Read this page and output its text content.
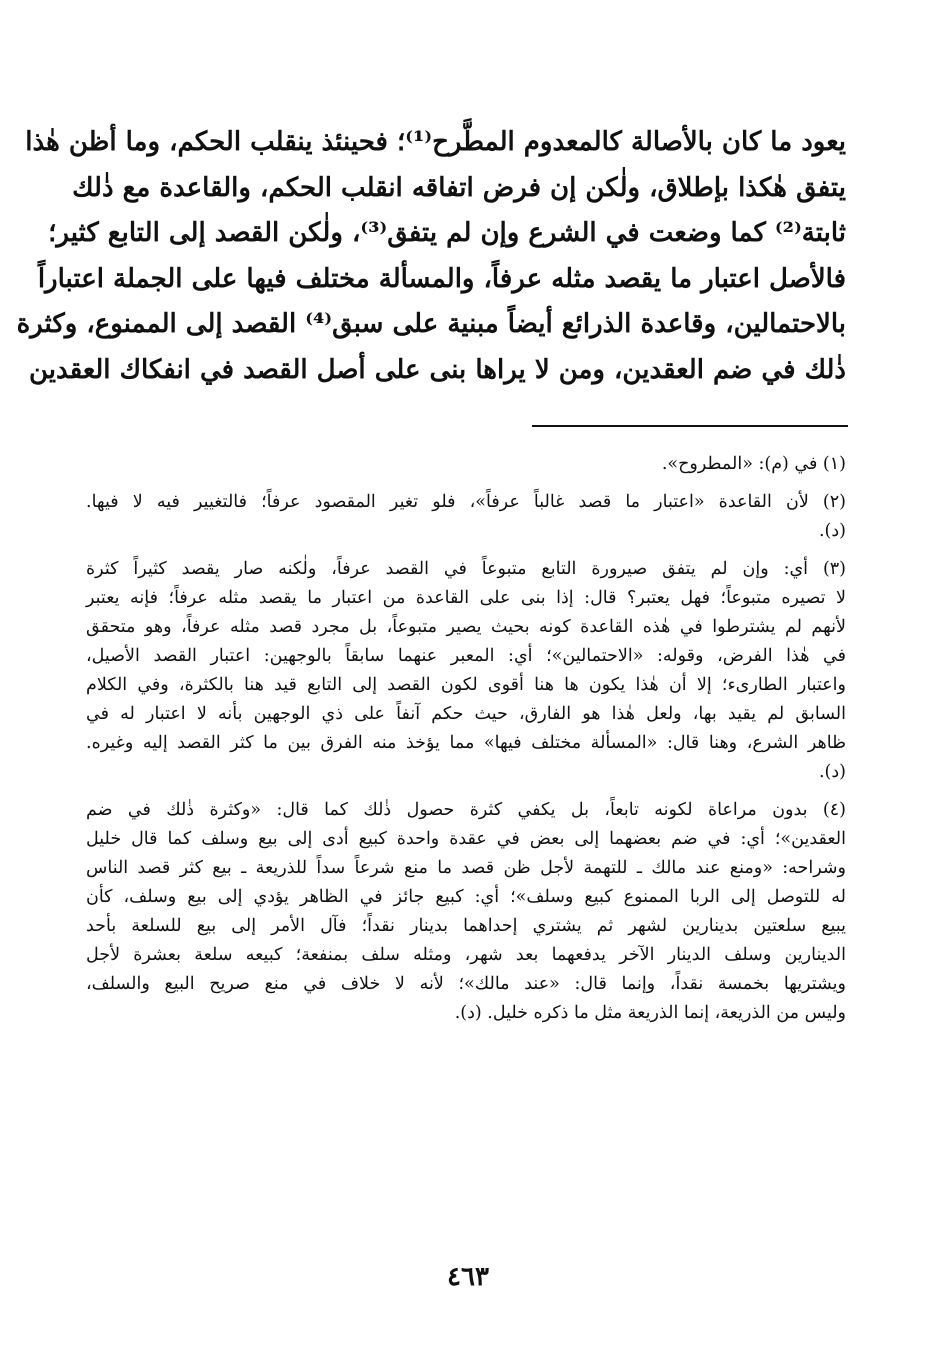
يعود ما كان بالأصالة كالمعدوم المطَّرح⁽¹⁾؛ فحينئذ ينقلب الحكم، وما أظن هٰذا
يتفق هٰكذا بإطلاق، ولٰكن إن فرض اتفاقه انقلب الحكم، والقاعدة مع ذٰلك
ثابتة⁽²⁾ كما وضعت في الشرع وإن لم يتفق⁽³⁾، ولٰكن القصد إلى التابع كثير؛
فالأصل اعتبار ما يقصد مثله عرفاً، والمسألة مختلف فيها على الجملة اعتباراً
بالاحتمالين، وقاعدة الذرائع أيضاً مبنية على سبق⁽⁴⁾ القصد إلى الممنوع، وكثرة
ذٰلك في ضم العقدين، ومن لا يراها بنى على أصل القصد في انفكاك العقدين
(١) في (م): «المطروح».
(٢) لأن القاعدة «اعتبار ما قصد غالباً عرفاً»، فلو تغير المقصود عرفاً؛ فالتغيير فيه لا فيها.
(د).
(٣) أي: وإن لم يتفق صيرورة التابع متبوعاً في القصد عرفاً، ولٰكنه صار يقصد كثيراً كثرة
لا تصيره متبوعاً؛ فهل يعتبر؟ قال: إذا بنى على القاعدة من اعتبار ما يقصد مثله عرفاً؛ فإنه يعتبر
لأنهم لم يشترطوا في هٰذه القاعدة كونه بحيث يصير متبوعاً، بل مجرد قصد مثله عرفاً، وهو متحقق
في هٰذا الفرض، وقوله: «الاحتمالين»؛ أي: المعبر عنهما سابقاً بالوجهين: اعتبار القصد الأصيل،
واعتبار الطارىء؛ إلا أن هٰذا يكون ها هنا أقوى لكون القصد إلى التابع قيد هنا بالكثرة، وفي الكلام
السابق لم يقيد بها، ولعل هٰذا هو الفارق، حيث حكم آنفاً على ذي الوجهين بأنه لا اعتبار له في
ظاهر الشرع، وهنا قال: «المسألة مختلف فيها» مما يؤخذ منه الفرق بين ما كثر القصد إليه وغيره.
(د).
(٤) بدون مراعاة لكونه تابعاً، بل يكفي كثرة حصول ذٰلك كما قال: «وكثرة ذٰلك في ضم
العقدين»؛ أي: في ضم بعضهما إلى بعض في عقدة واحدة كبيع أدى إلى بيع وسلف كما قال خليل
وشراحه: «ومنع عند مالك ـ للتهمة لأجل ظن قصد ما منع شرعاً سداً للذريعة ـ بيع كثر قصد الناس
له للتوصل إلى الربا الممنوع كبيع وسلف»؛ أي: كبيع جائز في الظاهر يؤدي إلى بيع وسلف، كأن
يبيع سلعتين بدينارين لشهر ثم يشتري إحداهما بدينار نقداً؛ فآل الأمر إلى بيع للسلعة بأحد
الدينارين وسلف الدينار الآخر يدفعهما بعد شهر، ومثله سلف بمنفعة؛ كبيعه سلعة بعشرة لأجل
ويشتريها بخمسة نقداً، وإنما قال: «عند مالك»؛ لأنه لا خلاف في منع صريح البيع والسلف،
وليس من الذريعة، إنما الذريعة مثل ما ذكره خليل. (د).
٤٦٣
